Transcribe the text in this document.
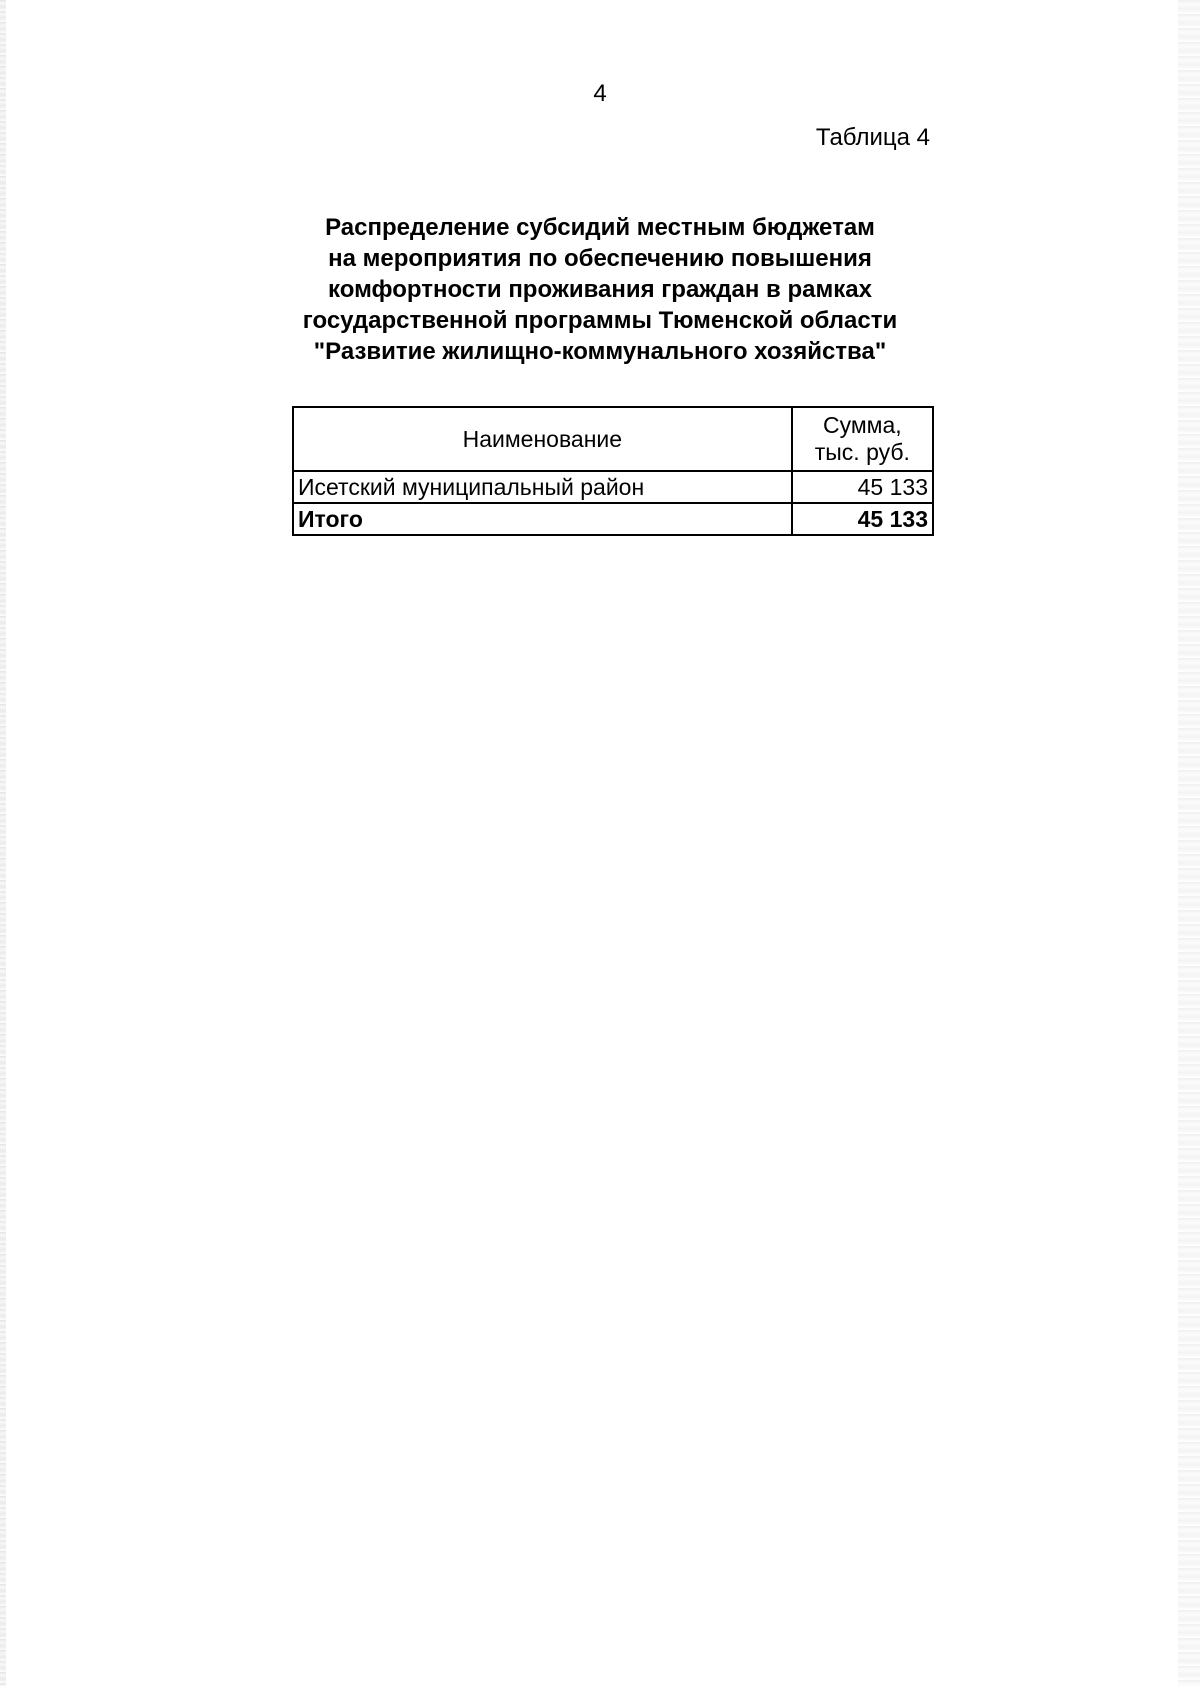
4
Таблица 4
Распределение субсидий местным бюджетам
на мероприятия по обеспечению повышения
комфортности проживания граждан в рамках
государственной программы Тюменской области
"Развитие жилищно-коммунального хозяйства"
Наименование	Сумма,
тыс. руб.

Исетский муниципальный район	45 133
Итого	45 133
